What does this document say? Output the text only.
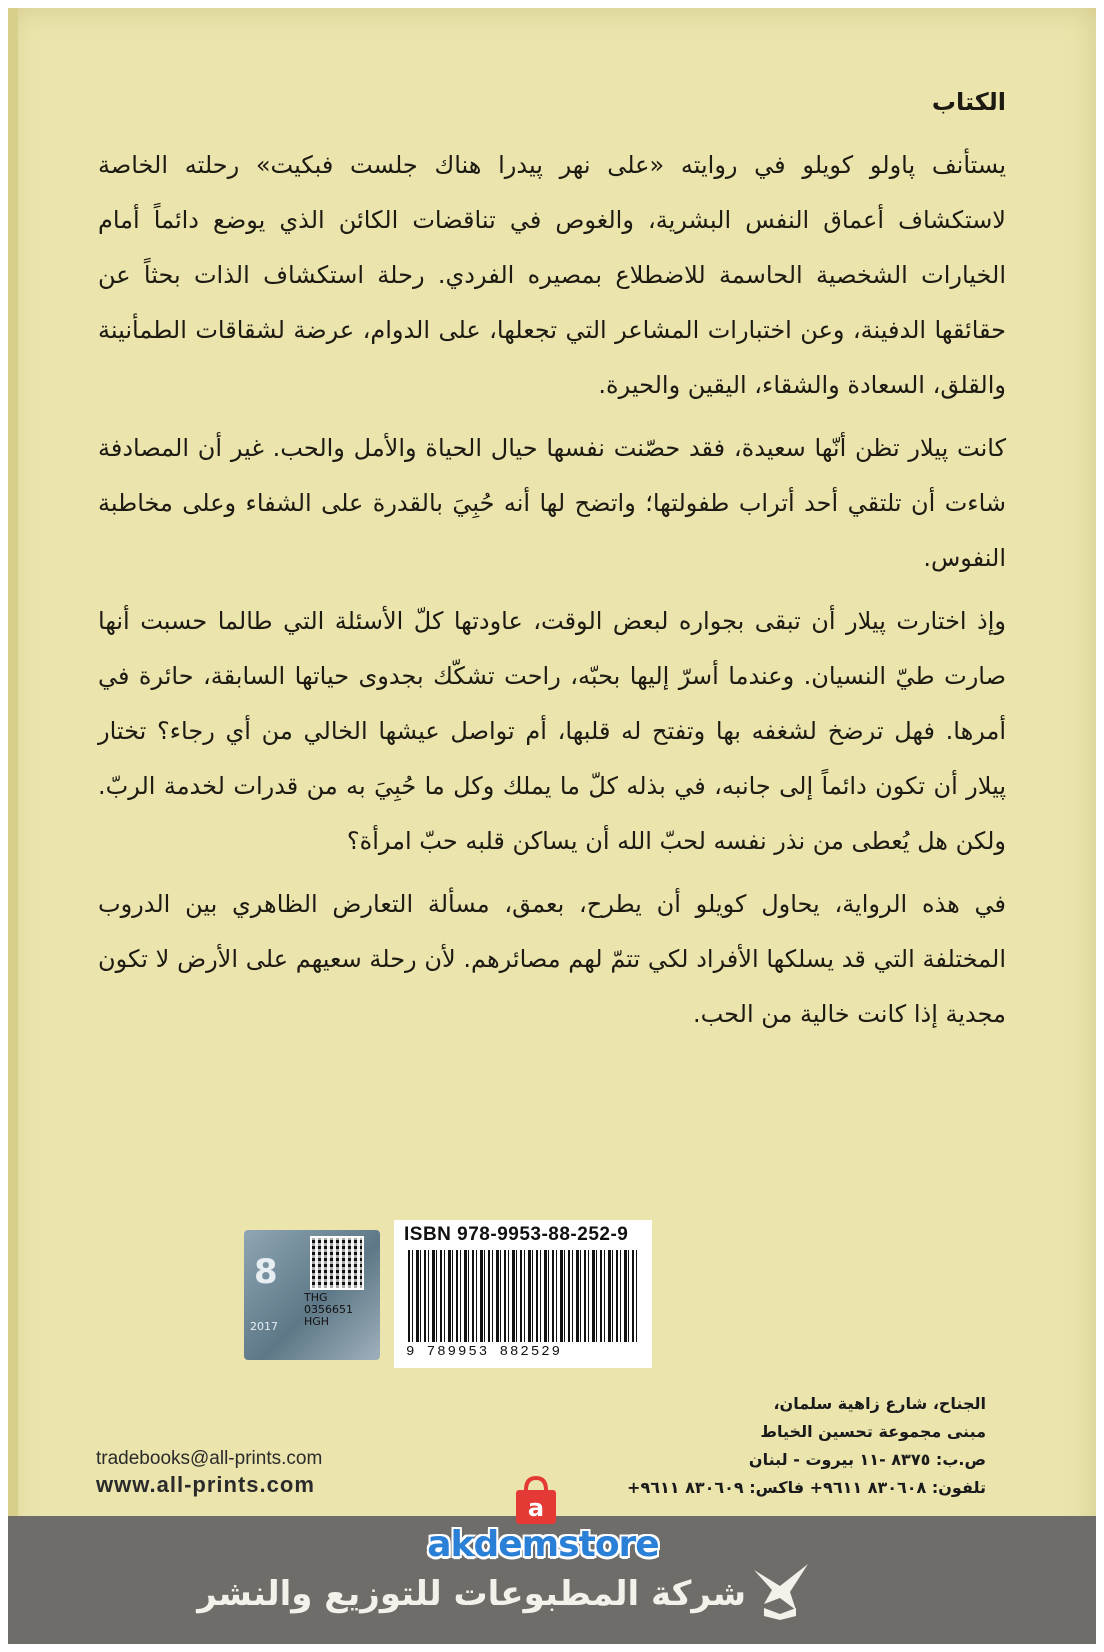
الكتاب

يستأنف پاولو كويلو في روايته «على نهر پيدرا هناك جلست فبكيت» رحلته الخاصة لاستكشاف أعماق النفس البشرية، والغوص في تناقضات الكائن الذي يوضع دائماً أمام الخيارات الشخصية الحاسمة للاضطلاع بمصيره الفردي. رحلة استكشاف الذات بحثاً عن حقائقها الدفينة، وعن اختبارات المشاعر التي تجعلها، على الدوام، عرضة لشقاقات الطمأنينة والقلق، السعادة والشقاء، اليقين والحيرة.

كانت پيلار تظن أنّها سعيدة، فقد حصّنت نفسها حيال الحياة والأمل والحب. غير أن المصادفة شاءت أن تلتقي أحد أتراب طفولتها؛ واتضح لها أنه حُبِيَ بالقدرة على الشفاء وعلى مخاطبة النفوس.

وإذ اختارت پيلار أن تبقى بجواره لبعض الوقت، عاودتها كلّ الأسئلة التي طالما حسبت أنها صارت طيّ النسيان. وعندما أسرّ إليها بحبّه، راحت تشكّك بجدوى حياتها السابقة، حائرة في أمرها. فهل ترضخ لشغفه بها وتفتح له قلبها، أم تواصل عيشها الخالي من أي رجاء؟ تختار پيلار أن تكون دائماً إلى جانبه، في بذله كلّ ما يملك وكل ما حُبِيَ به من قدرات لخدمة الربّ. ولكن هل يُعطى من نذر نفسه لحبّ الله أن يساكن قلبه حبّ امرأة؟

في هذه الرواية، يحاول كويلو أن يطرح، بعمق، مسألة التعارض الظاهري بين الدروب المختلفة التي قد يسلكها الأفراد لكي تتمّ لهم مصائرهم. لأن رحلة سعيهم على الأرض لا تكون مجدية إذا كانت خالية من الحب.

8
2017
THG
0356651
HGH
ISBN 978-9953-88-252-9
9 789953 882529
الجناح، شارع زاهية سلمان،
مبنى مجموعة تحسين الخياط
ص.ب: ٨٣٧٥ -١١ بيروت - لبنان
تلفون: ٨٣٠٦٠٨ ٩٦١١+ فاكس: ٨٣٠٦٠٩ ٩٦١١+
tradebooks@all-prints.com
www.all-prints.com
شركة المطبوعات للتوزيع والنشر
a
akdemstore
